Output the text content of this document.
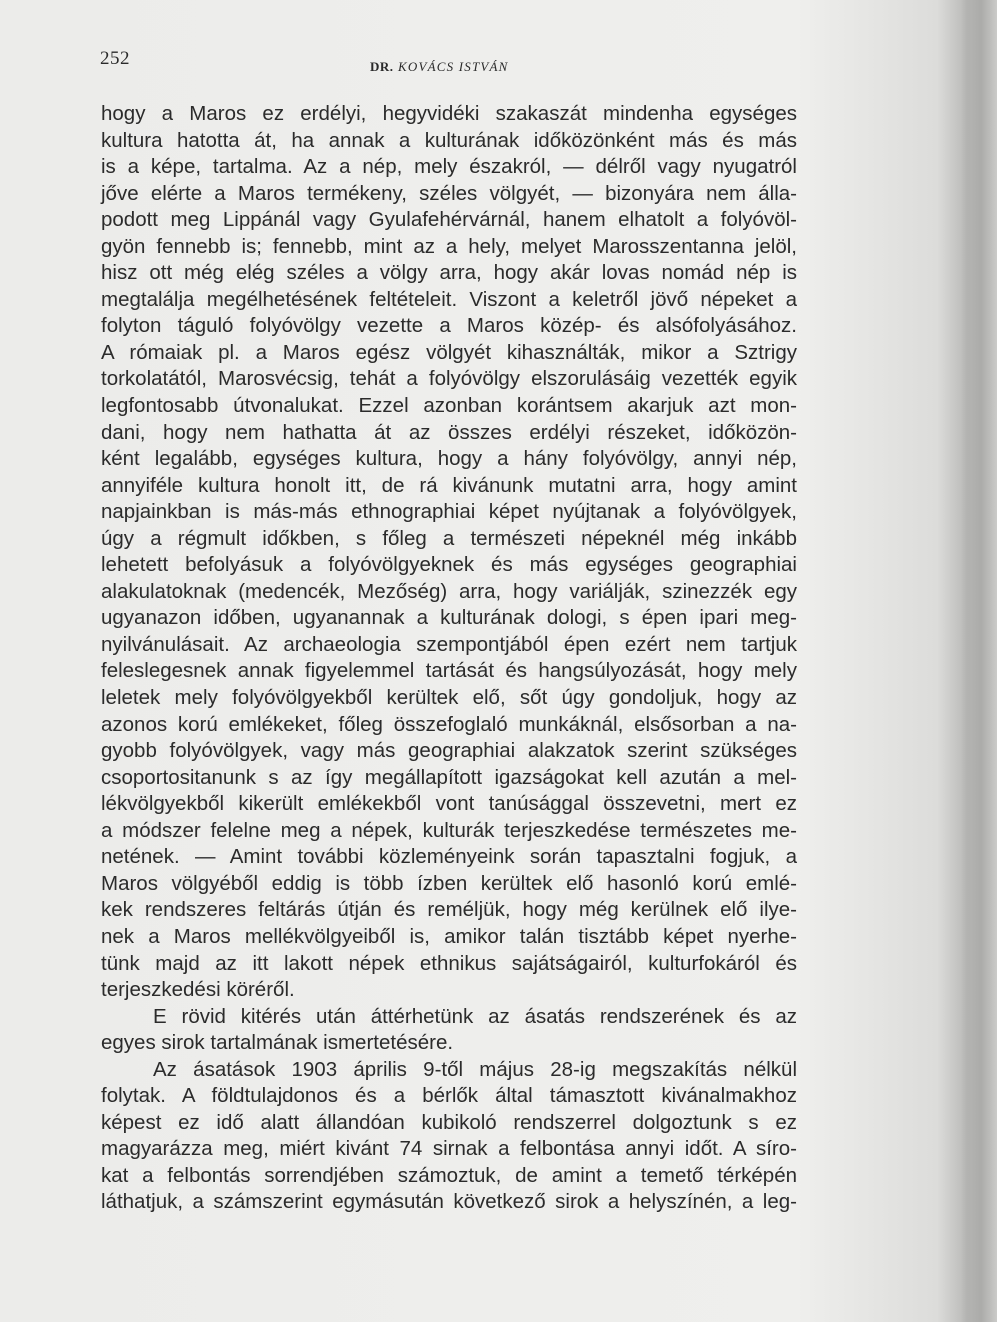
252	DR. KOVÁCS ISTVÁN
hogy a Maros ez erdélyi, hegyvidéki szakaszát mindenha egységes
kultura hatotta át, ha annak a kulturának időközönként más és más
is a képe, tartalma. Az a nép, mely északról, — délről vagy nyugatról
jőve elérte a Maros termékeny, széles völgyét, — bizonyára nem álla-
podott meg Lippánál vagy Gyulafehérvárnál, hanem elhatolt a folyóvöl-
gyön fennebb is; fennebb, mint az a hely, melyet Marosszentanna jelöl,
hisz ott még elég széles a völgy arra, hogy akár lovas nomád nép is
megtalálja megélhetésének feltételeit. Viszont a keletről jövő népeket a
folyton táguló folyóvölgy vezette a Maros közép- és alsófolyásához.
A rómaiak pl. a Maros egész völgyét kihasználták, mikor a Sztrigy
torkolatától, Marosvécsig, tehát a folyóvölgy elszorulásáig vezették egyik
legfontosabb útvonalukat. Ezzel azonban korántsem akarjuk azt mon-
dani, hogy nem hathatta át az összes erdélyi részeket, időközön-
ként legalább, egységes kultura, hogy a hány folyóvölgy, annyi nép,
annyiféle kultura honolt itt, de rá kivánunk mutatni arra, hogy amint
napjainkban is más-más ethnographiai képet nyújtanak a folyóvölgyek,
úgy a régmult időkben, s főleg a természeti népeknél még inkább
lehetett befolyásuk a folyóvölgyeknek és más egységes geographiai
alakulatoknak (medencék, Mezőség) arra, hogy variálják, szinezzék egy
ugyanazon időben, ugyanannak a kulturának dologi, s épen ipari meg-
nyilvánulásait. Az archaeologia szempontjából épen ezért nem tartjuk
feleslegesnek annak figyelemmel tartását és hangsúlyozását, hogy mely
leletek mely folyóvölgyekből kerültek elő, sőt úgy gondoljuk, hogy az
azonos korú emlékeket, főleg összefoglaló munkáknál, elsősorban a na-
gyobb folyóvölgyek, vagy más geographiai alakzatok szerint szükséges
csoportositanunk s az így megállapított igazságokat kell azután a mel-
lékvölgyekből kikerült emlékekből vont tanúsággal összevetni, mert ez
a módszer felelne meg a népek, kulturák terjeszkedése természetes me-
netének. — Amint további közleményeink során tapasztalni fogjuk, a
Maros völgyéből eddig is több ízben kerültek elő hasonló korú emlé-
kek rendszeres feltárás útján és reméljük, hogy még kerülnek elő ilye-
nek a Maros mellékvölgyeiből is, amikor talán tisztább képet nyerhe-
tünk majd az itt lakott népek ethnikus sajátságairól, kulturfokáról és
terjeszkedési köréről.
E rövid kitérés után áttérhetünk az ásatás rendszerének és az
egyes sirok tartalmának ismertetésére.
Az ásatások 1903 április 9-től május 28-ig megszakítás nélkül
folytak. A földtulajdonos és a bérlők által támasztott kivánalmakhoz
képest ez idő alatt állandóan kubikoló rendszerrel dolgoztunk s ez
magyarázza meg, miért kivánt 74 sirnak a felbontása annyi időt. A síro-
kat a felbontás sorrendjében számoztuk, de amint a temető térképén
láthatjuk, a számszerint egymásután következő sirok a helyszínén, a leg-
